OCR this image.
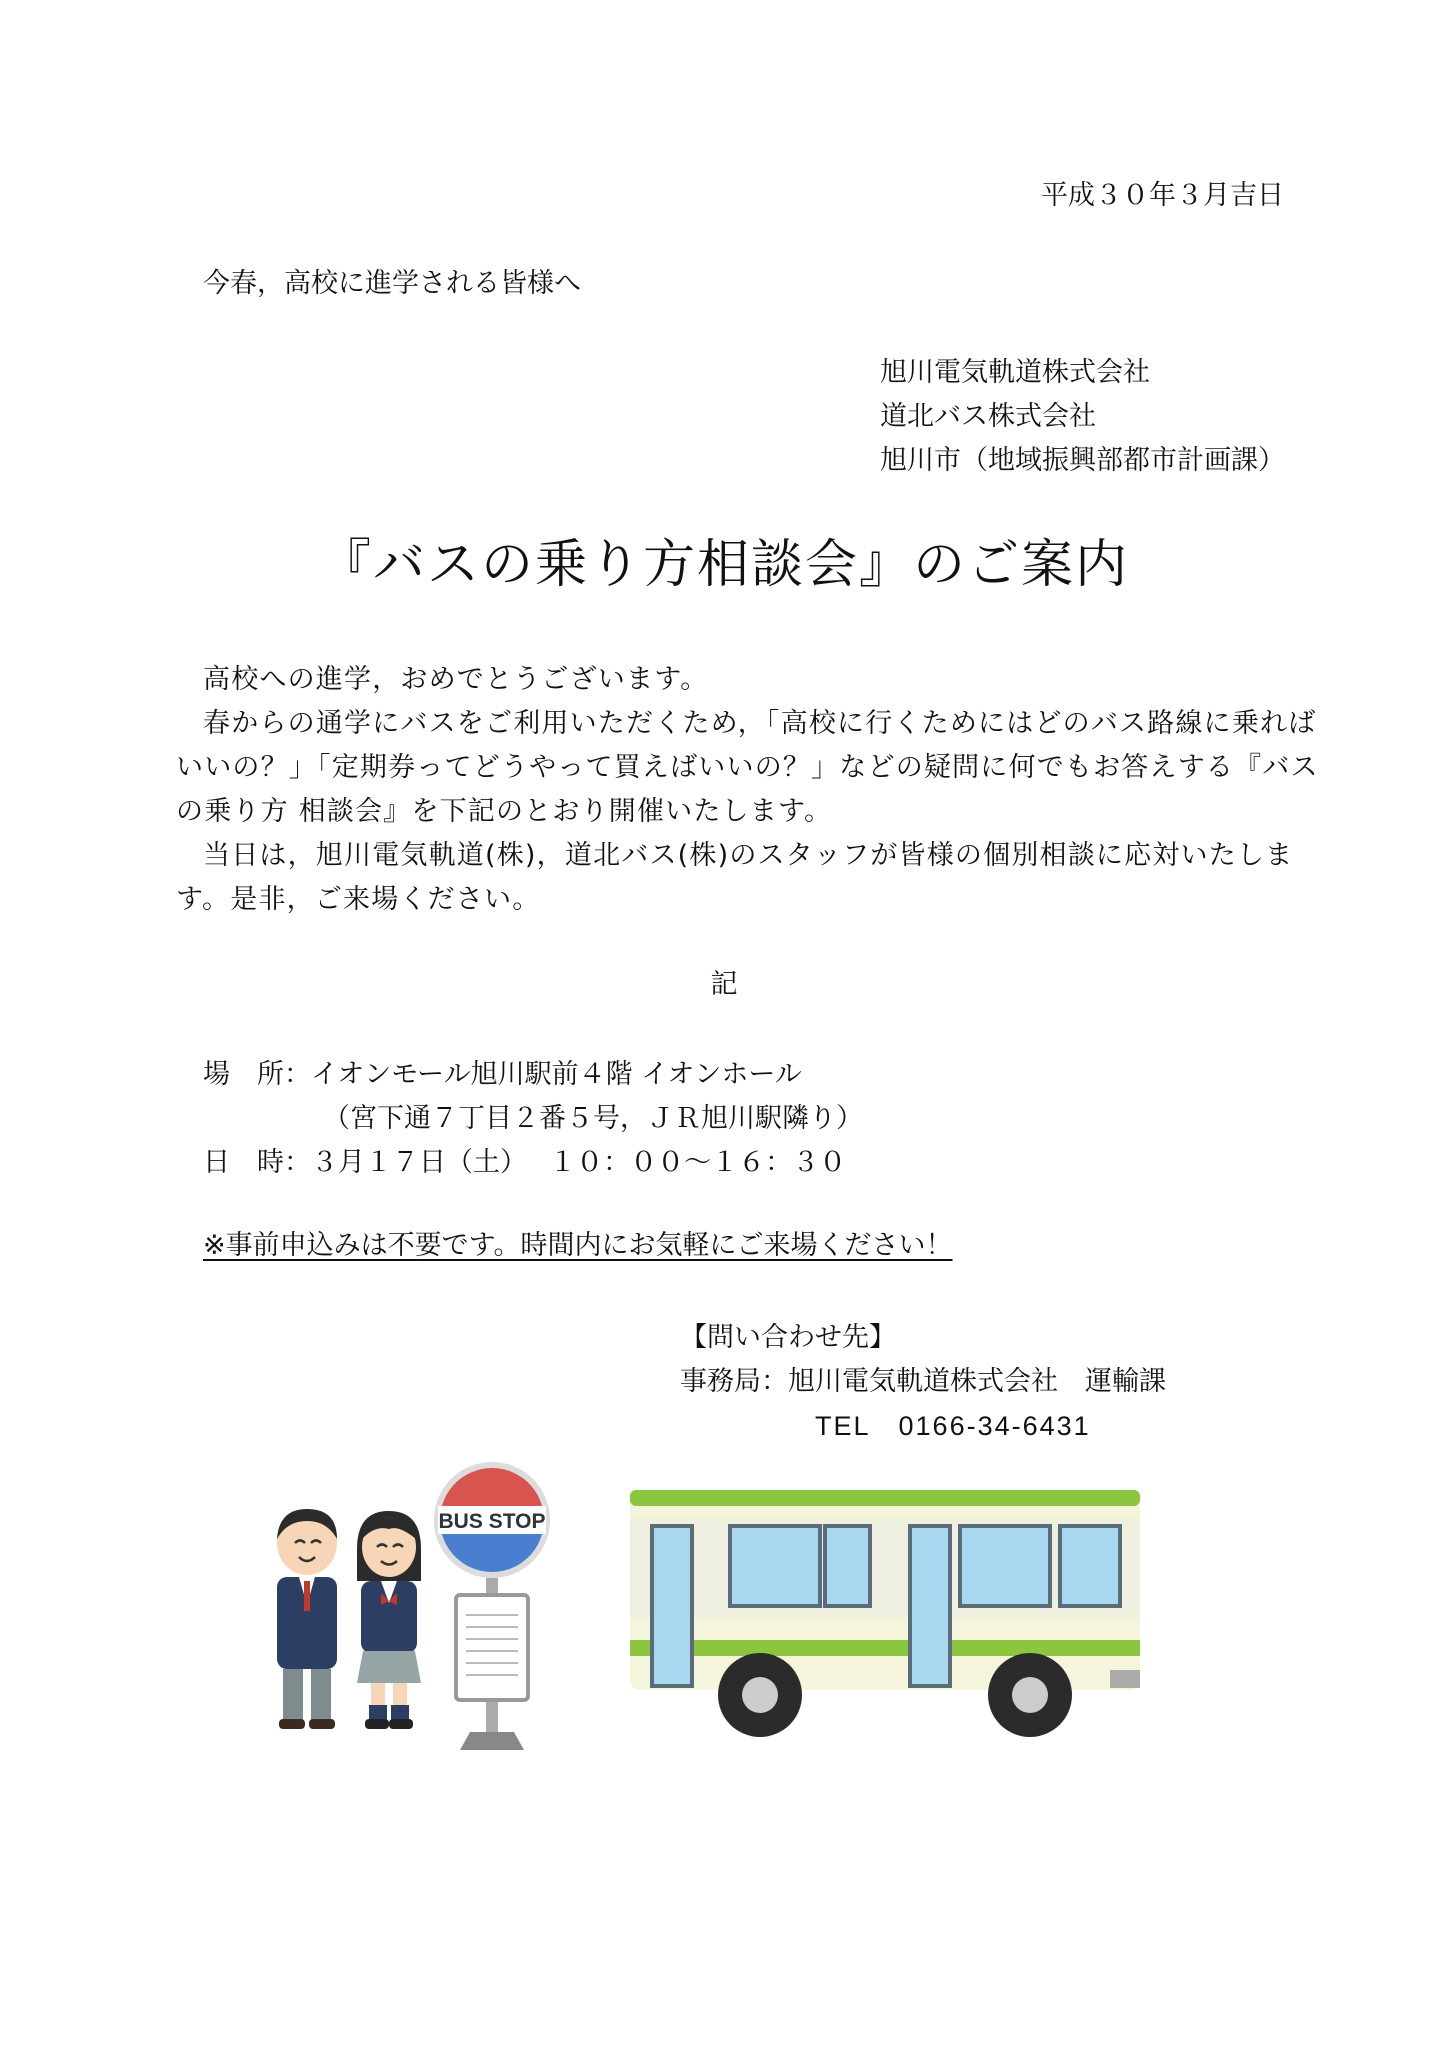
平成３０年３月吉日
今春，高校に進学される皆様へ
旭川電気軌道株式会社
道北バス株式会社
旭川市（地域振興部都市計画課）
『バスの乗り方相談会』のご案内

高校への進学，おめでとうございます。

春からの通学にバスをご利用いただくため，「高校に行くためにはどのバス路線に乗ればいいの？」「定期券ってどうやって買えばいいの？」などの疑問に何でもお答えする『バスの乗り方 相談会』を下記のとおり開催いたします。

当日は，旭川電気軌道(株)，道北バス(株)のスタッフが皆様の個別相談に応対いたします。是非，ご来場ください。

記
場　所：イオンモール旭川駅前４階 イオンホール
（宮下通７丁目２番５号，ＪＲ旭川駅隣り）
日　時：３月１７日（土）　 １０：００～１６：３０
※事前申込みは不要です。時間内にお気軽にご来場ください！
【問い合わせ先】
事務局：旭川電気軌道株式会社　運輸課
TEL　0166-34-6431
BUS STOP
